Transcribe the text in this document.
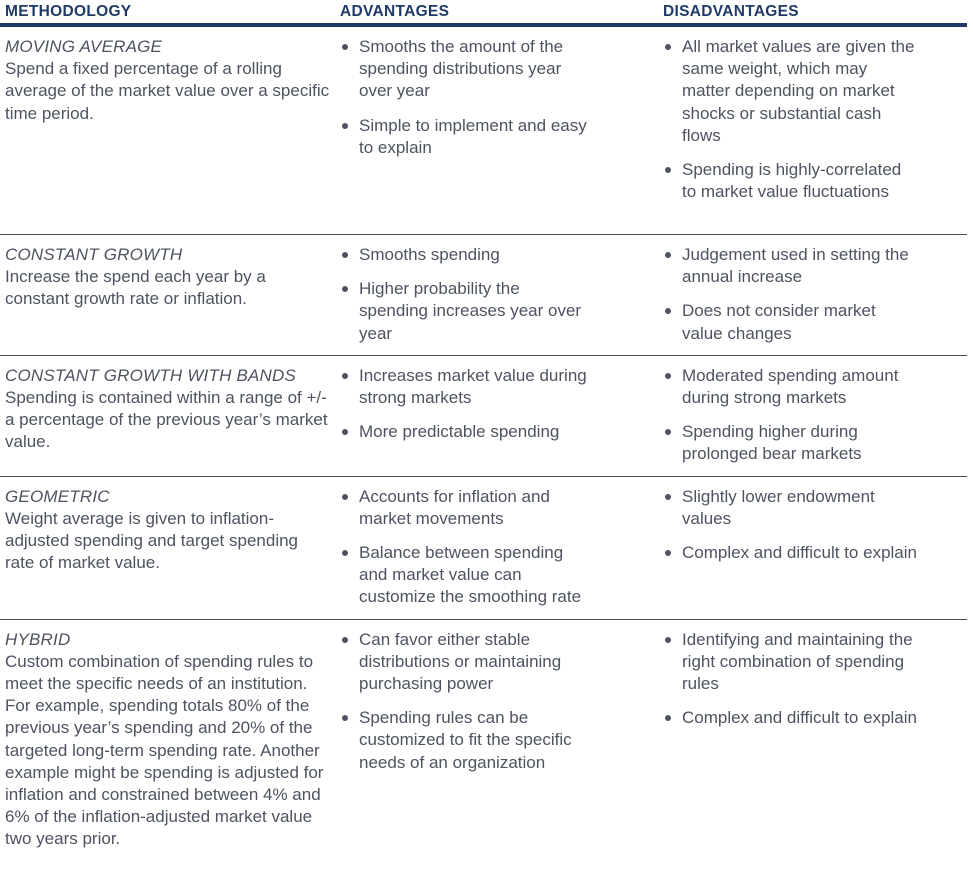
METHODOLOGY	ADVANTAGES	DISADVANTAGES
MOVING AVERAGE
Spend a fixed percentage of a rolling average of the market value over a specific time period.
Smooths the amount of the spending distributions year over year
Simple to implement and easy to explain
All market values are given the same weight, which may matter depending on market shocks or substantial cash flows
Spending is highly-correlated to market value fluctuations
CONSTANT GROWTH
Increase the spend each year by a constant growth rate or inflation.
Smooths spending
Higher probability the spending increases year over year
Judgement used in setting the annual increase
Does not consider market value changes
CONSTANT GROWTH WITH BANDS
Spending is contained within a range of +/- a percentage of the previous year’s market value.
Increases market value during strong markets
More predictable spending
Moderated spending amount during strong markets
Spending higher during prolonged bear markets
GEOMETRIC
Weight average is given to inflation-adjusted spending and target spending rate of market value.
Accounts for inflation and market movements
Balance between spending and market value can customize the smoothing rate
Slightly lower endowment values
Complex and difficult to explain
HYBRID
Custom combination of spending rules to meet the specific needs of an institution. For example, spending totals 80% of the previous year’s spending and 20% of the targeted long-term spending rate. Another example might be spending is adjusted for inflation and constrained between 4% and 6% of the inflation-adjusted market value two years prior.
Can favor either stable distributions or maintaining purchasing power
Spending rules can be customized to fit the specific needs of an organization
Identifying and maintaining the right combination of spending rules
Complex and difficult to explain
